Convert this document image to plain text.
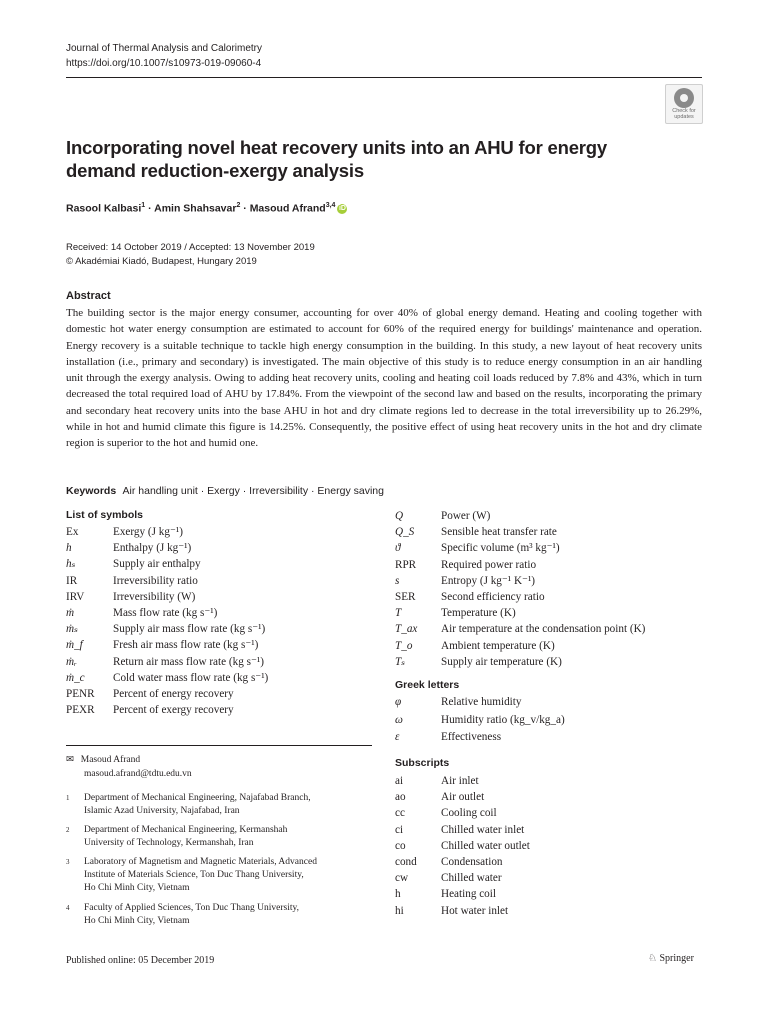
Journal of Thermal Analysis and Calorimetry
https://doi.org/10.1007/s10973-019-09060-4
Check for
updates
Incorporating novel heat recovery units into an AHU for energy demand reduction-exergy analysis
Rasool Kalbasi$^1$ · Amin Shahsavar$^2$ · Masoud Afrand$^{3,4}$ iD
Received: 14 October 2019 / Accepted: 13 November 2019
© Akadémiai Kiadó, Budapest, Hungary 2019
Abstract
The building sector is the major energy consumer, accounting for over 40% of global energy demand. Heating and cooling together with domestic hot water energy consumption are estimated to account for 60% of the required energy for buildings' maintenance and operation. Energy recovery is a suitable technique to tackle high energy consumption in the building. In this study, a new layout of heat recovery units installation (i.e., primary and secondary) is investigated. The main objective of this study is to reduce energy consumption in an air handling unit through the exergy analysis. Owing to adding heat recovery units, cooling and heating coil loads reduced by 7.8% and 43%, which in turn decreased the total required load of AHU by 17.84%. From the viewpoint of the second law and based on the results, incorporating the primary and secondary heat recovery units into the base AHU in hot and dry climate regions led to decrease in the total irreversibility up to 26.29%, while in hot and humid climate this figure is 14.25%. Consequently, the positive effect of using heat recovery units in the hot and dry climate region is superior to the hot and humid one.
Keywords Air handling unit · Exergy · Irreversibility · Energy saving
List of symbols
Ex	Exergy (J kg⁻¹)
h	Enthalpy (J kg⁻¹)
hₛ	Supply air enthalpy
IR	Irreversibility ratio
IRV	Irreversibility (W)
ṁ	Mass flow rate (kg s⁻¹)
ṁₛ	Supply air mass flow rate (kg s⁻¹)
ṁ_f	Fresh air mass flow rate (kg s⁻¹)
ṁᵣ	Return air mass flow rate (kg s⁻¹)
ṁ_c	Cold water mass flow rate (kg s⁻¹)
PENR	Percent of energy recovery
PEXR	Percent of exergy recovery
Q	Power (W)
Q_S	Sensible heat transfer rate
ϑ	Specific volume (m³ kg⁻¹)
RPR	Required power ratio
s	Entropy (J kg⁻¹ K⁻¹)
SER	Second efficiency ratio
T	Temperature (K)
T_ax	Air temperature at the condensation point (K)
T_o	Ambient temperature (K)
Tₛ	Supply air temperature (K)
Greek letters
φ	Relative humidity
ω	Humidity ratio (kg_v/kg_a)
ε	Effectiveness
Subscripts
ai	Air inlet
ao	Air outlet
cc	Cooling coil
ci	Chilled water inlet
co	Chilled water outlet
cond	Condensation
cw	Chilled water
h	Heating coil
hi	Hot water inlet
✉ Masoud Afrand
masoud.afrand@tdtu.edu.vn
1	Department of Mechanical Engineering, Najafabad Branch,
Islamic Azad University, Najafabad, Iran
2	Department of Mechanical Engineering, Kermanshah
University of Technology, Kermanshah, Iran
3	Laboratory of Magnetism and Magnetic Materials, Advanced
Institute of Materials Science, Ton Duc Thang University,
Ho Chi Minh City, Vietnam
4	Faculty of Applied Sciences, Ton Duc Thang University,
Ho Chi Minh City, Vietnam
Published online: 05 December 2019	♘ Springer
